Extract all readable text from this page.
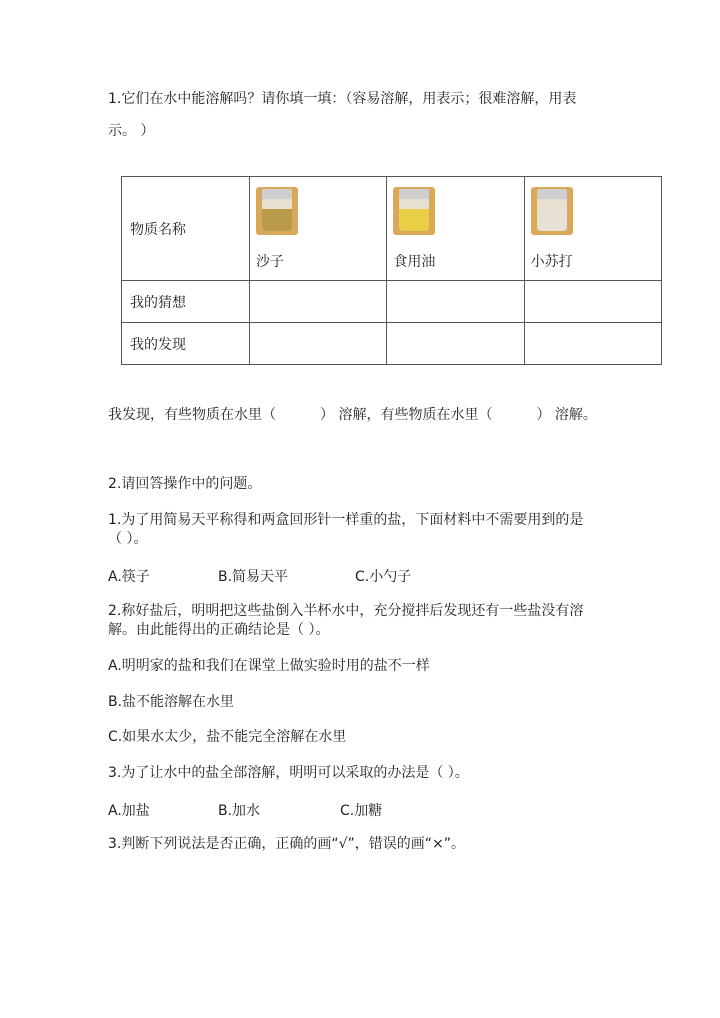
1.它们在水中能溶解吗？请你填一填：（容易溶解，用表示；很难溶解，用表
示。 ）
物质名称	沙子	食用油	小苏打

我的猜想			
我的发现			
我发现，有些物质在水里（	） 溶解，有些物质在水里（	） 溶解。
2.请回答操作中的问题。
1.为了用简易天平称得和两盒回形针一样重的盐，下面材料中不需要用到的是
（ ）。
A.筷子	B.简易天平	C.小勺子
2.称好盐后，明明把这些盐倒入半杯水中，充分搅拌后发现还有一些盐没有溶
解。由此能得出的正确结论是（ ）。
A.明明家的盐和我们在课堂上做实验时用的盐不一样
B.盐不能溶解在水里
C.如果水太少，盐不能完全溶解在水里
3.为了让水中的盐全部溶解，明明可以采取的办法是（ ）。
A.加盐	B.加水	C.加糖
3.判断下列说法是否正确，正确的画“√”，错误的画“×”。
